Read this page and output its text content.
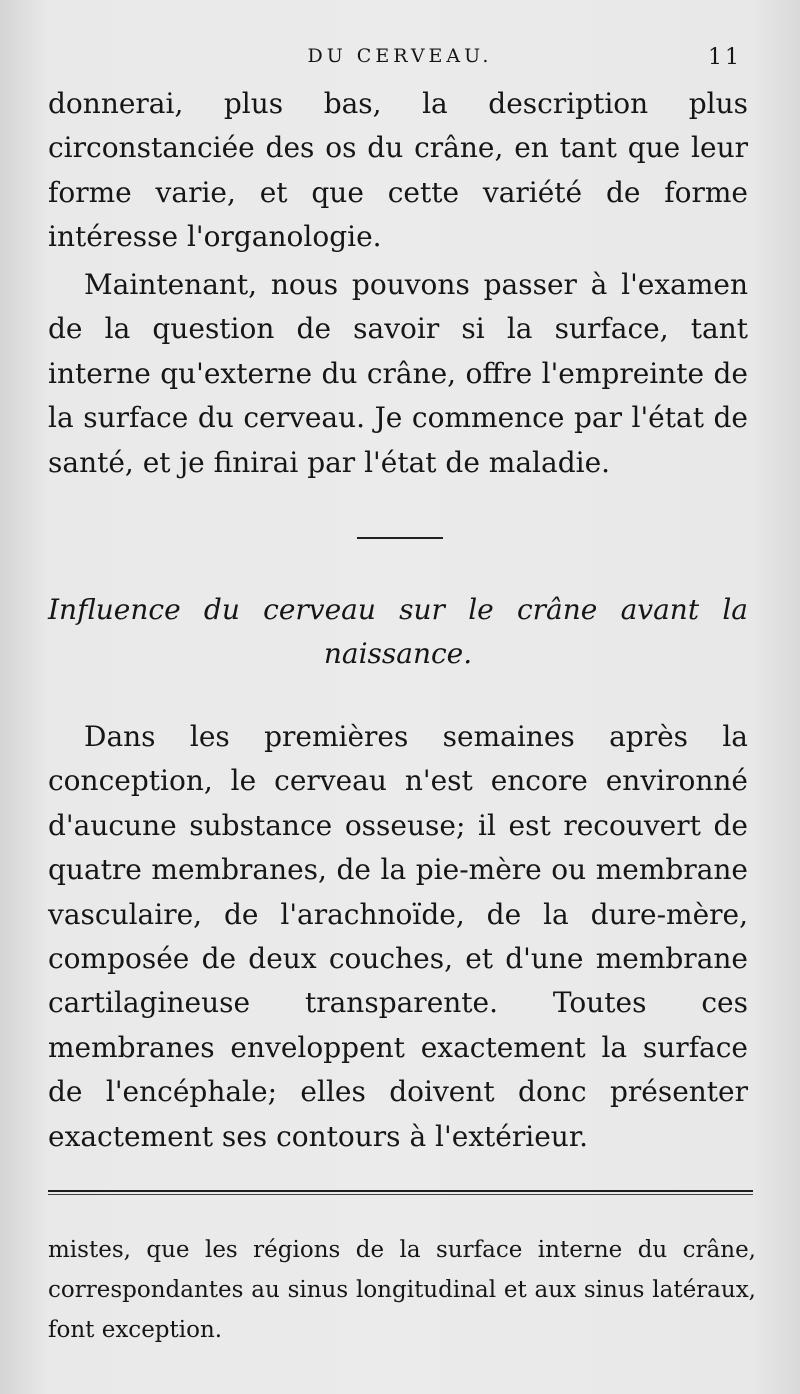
DU CERVEAU.	11

donnerai, plus bas, la description plus circonstanciée des os du crâne, en tant que leur forme varie, et que cette variété de forme intéresse l'organologie.

Maintenant, nous pouvons passer à l'examen de la question de savoir si la surface, tant interne qu'externe du crâne, offre l'empreinte de la surface du cerveau. Je commence par l'état de santé, et je finirai par l'état de maladie.

Influence du cerveau sur le crâne avant la naissance.

Dans les premières semaines après la conception, le cerveau n'est encore environné d'aucune substance osseuse; il est recouvert de quatre membranes, de la pie-mère ou membrane vasculaire, de l'arachnoïde, de la dure-mère, composée de deux couches, et d'une membrane cartilagineuse transparente. Toutes ces membranes enveloppent exactement la surface de l'encéphale; elles doivent donc présenter exactement ses contours à l'extérieur.

mistes, que les régions de la surface interne du crâne, correspondantes au sinus longitudinal et aux sinus latéraux, font exception.
